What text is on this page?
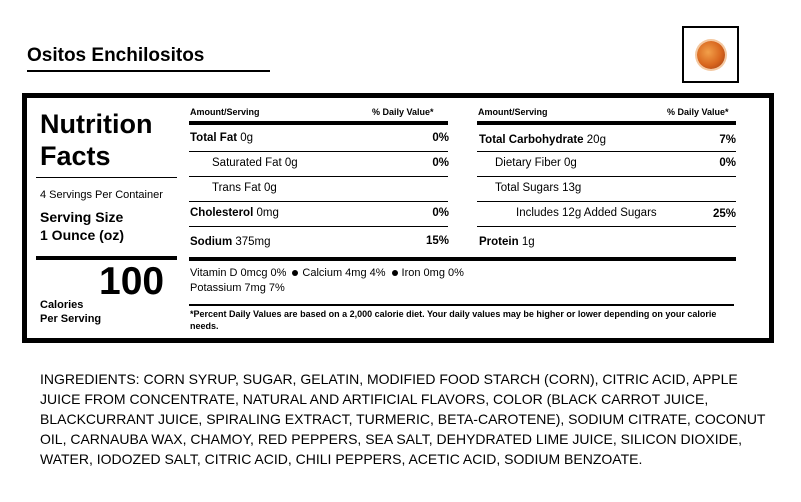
Ositos Enchilositos
Nutrition
Facts
4 Servings Per Container
Serving Size
1 Ounce (oz)
100
Calories
Per Serving
Amount/Serving	% Daily Value*
Total Fat 0g	0%
Saturated Fat 0g	0%
Trans Fat 0g
Cholesterol 0mg	0%
Sodium 375mg	15%
Amount/Serving	% Daily Value*
Total Carbohydrate 20g	7%
Dietary Fiber 0g	0%
Total Sugars 13g
Includes 12g Added Sugars	25%
Protein 1g
Vitamin D 0mcg 0% Calcium 4mg 4% Iron 0mg 0%
Potassium 7mg 7%
*Percent Daily Values are based on a 2,000 calorie diet. Your daily values may be higher or lower depending on your calorie needs.
INGREDIENTS: CORN SYRUP, SUGAR, GELATIN, MODIFIED FOOD STARCH (CORN), CITRIC ACID, APPLE JUICE FROM CONCENTRATE, NATURAL AND ARTIFICIAL FLAVORS, COLOR (BLACK CARROT JUICE, BLACKCURRANT JUICE, SPIRALING EXTRACT, TURMERIC, BETA-CAROTENE), SODIUM CITRATE, COCONUT OIL, CARNAUBA WAX, CHAMOY, RED PEPPERS, SEA SALT, DEHYDRATED LIME JUICE, SILICON DIOXIDE, WATER, IODOZED SALT, CITRIC ACID, CHILI PEPPERS, ACETIC ACID, SODIUM BENZOATE.
